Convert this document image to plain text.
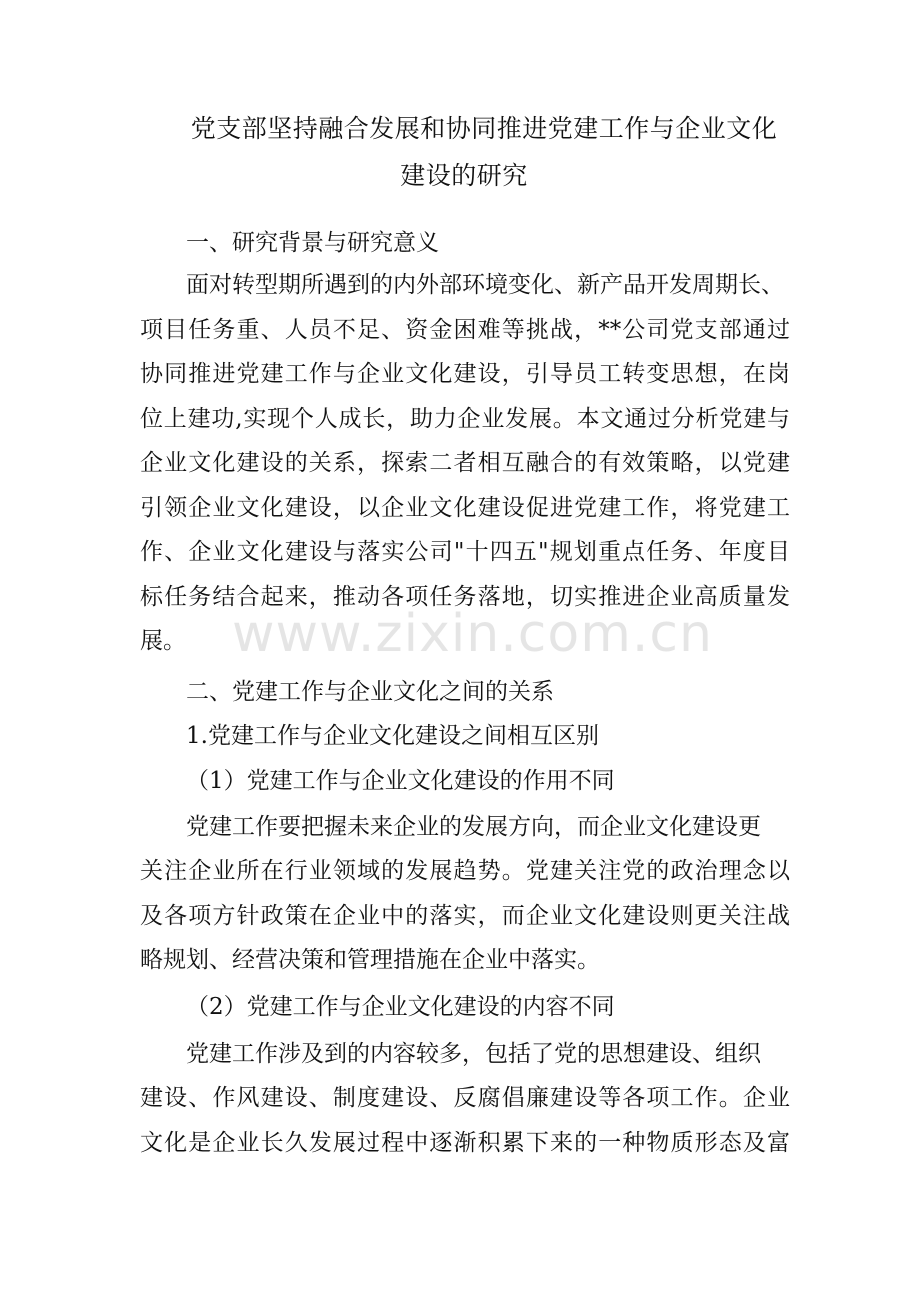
党支部坚持融合发展和协同推进党建工作与企业文化
建设的研究
一、研究背景与研究意义
面对转型期所遇到的内外部环境变化、新产品开发周期长、
项目任务重、人员不足、资金困难等挑战，**公司党支部通过
协同推进党建工作与企业文化建设，引导员工转变思想，在岗
位上建功,实现个人成长，助力企业发展。本文通过分析党建与
企业文化建设的关系，探索二者相互融合的有效策略，以党建
引领企业文化建设，以企业文化建设促进党建工作，将党建工
作、企业文化建设与落实公司"十四五"规划重点任务、年度目
标任务结合起来，推动各项任务落地，切实推进企业高质量发
展。
二、党建工作与企业文化之间的关系
1.党建工作与企业文化建设之间相互区别
（1）党建工作与企业文化建设的作用不同
党建工作要把握未来企业的发展方向，而企业文化建设更
关注企业所在行业领域的发展趋势。党建关注党的政治理念以
及各项方针政策在企业中的落实，而企业文化建设则更关注战
略规划、经营决策和管理措施在企业中落实。
（2）党建工作与企业文化建设的内容不同
党建工作涉及到的内容较多，包括了党的思想建设、组织
建设、作风建设、制度建设、反腐倡廉建设等各项工作。企业
文化是企业长久发展过程中逐渐积累下来的一种物质形态及富
www.zixin.com.cn
